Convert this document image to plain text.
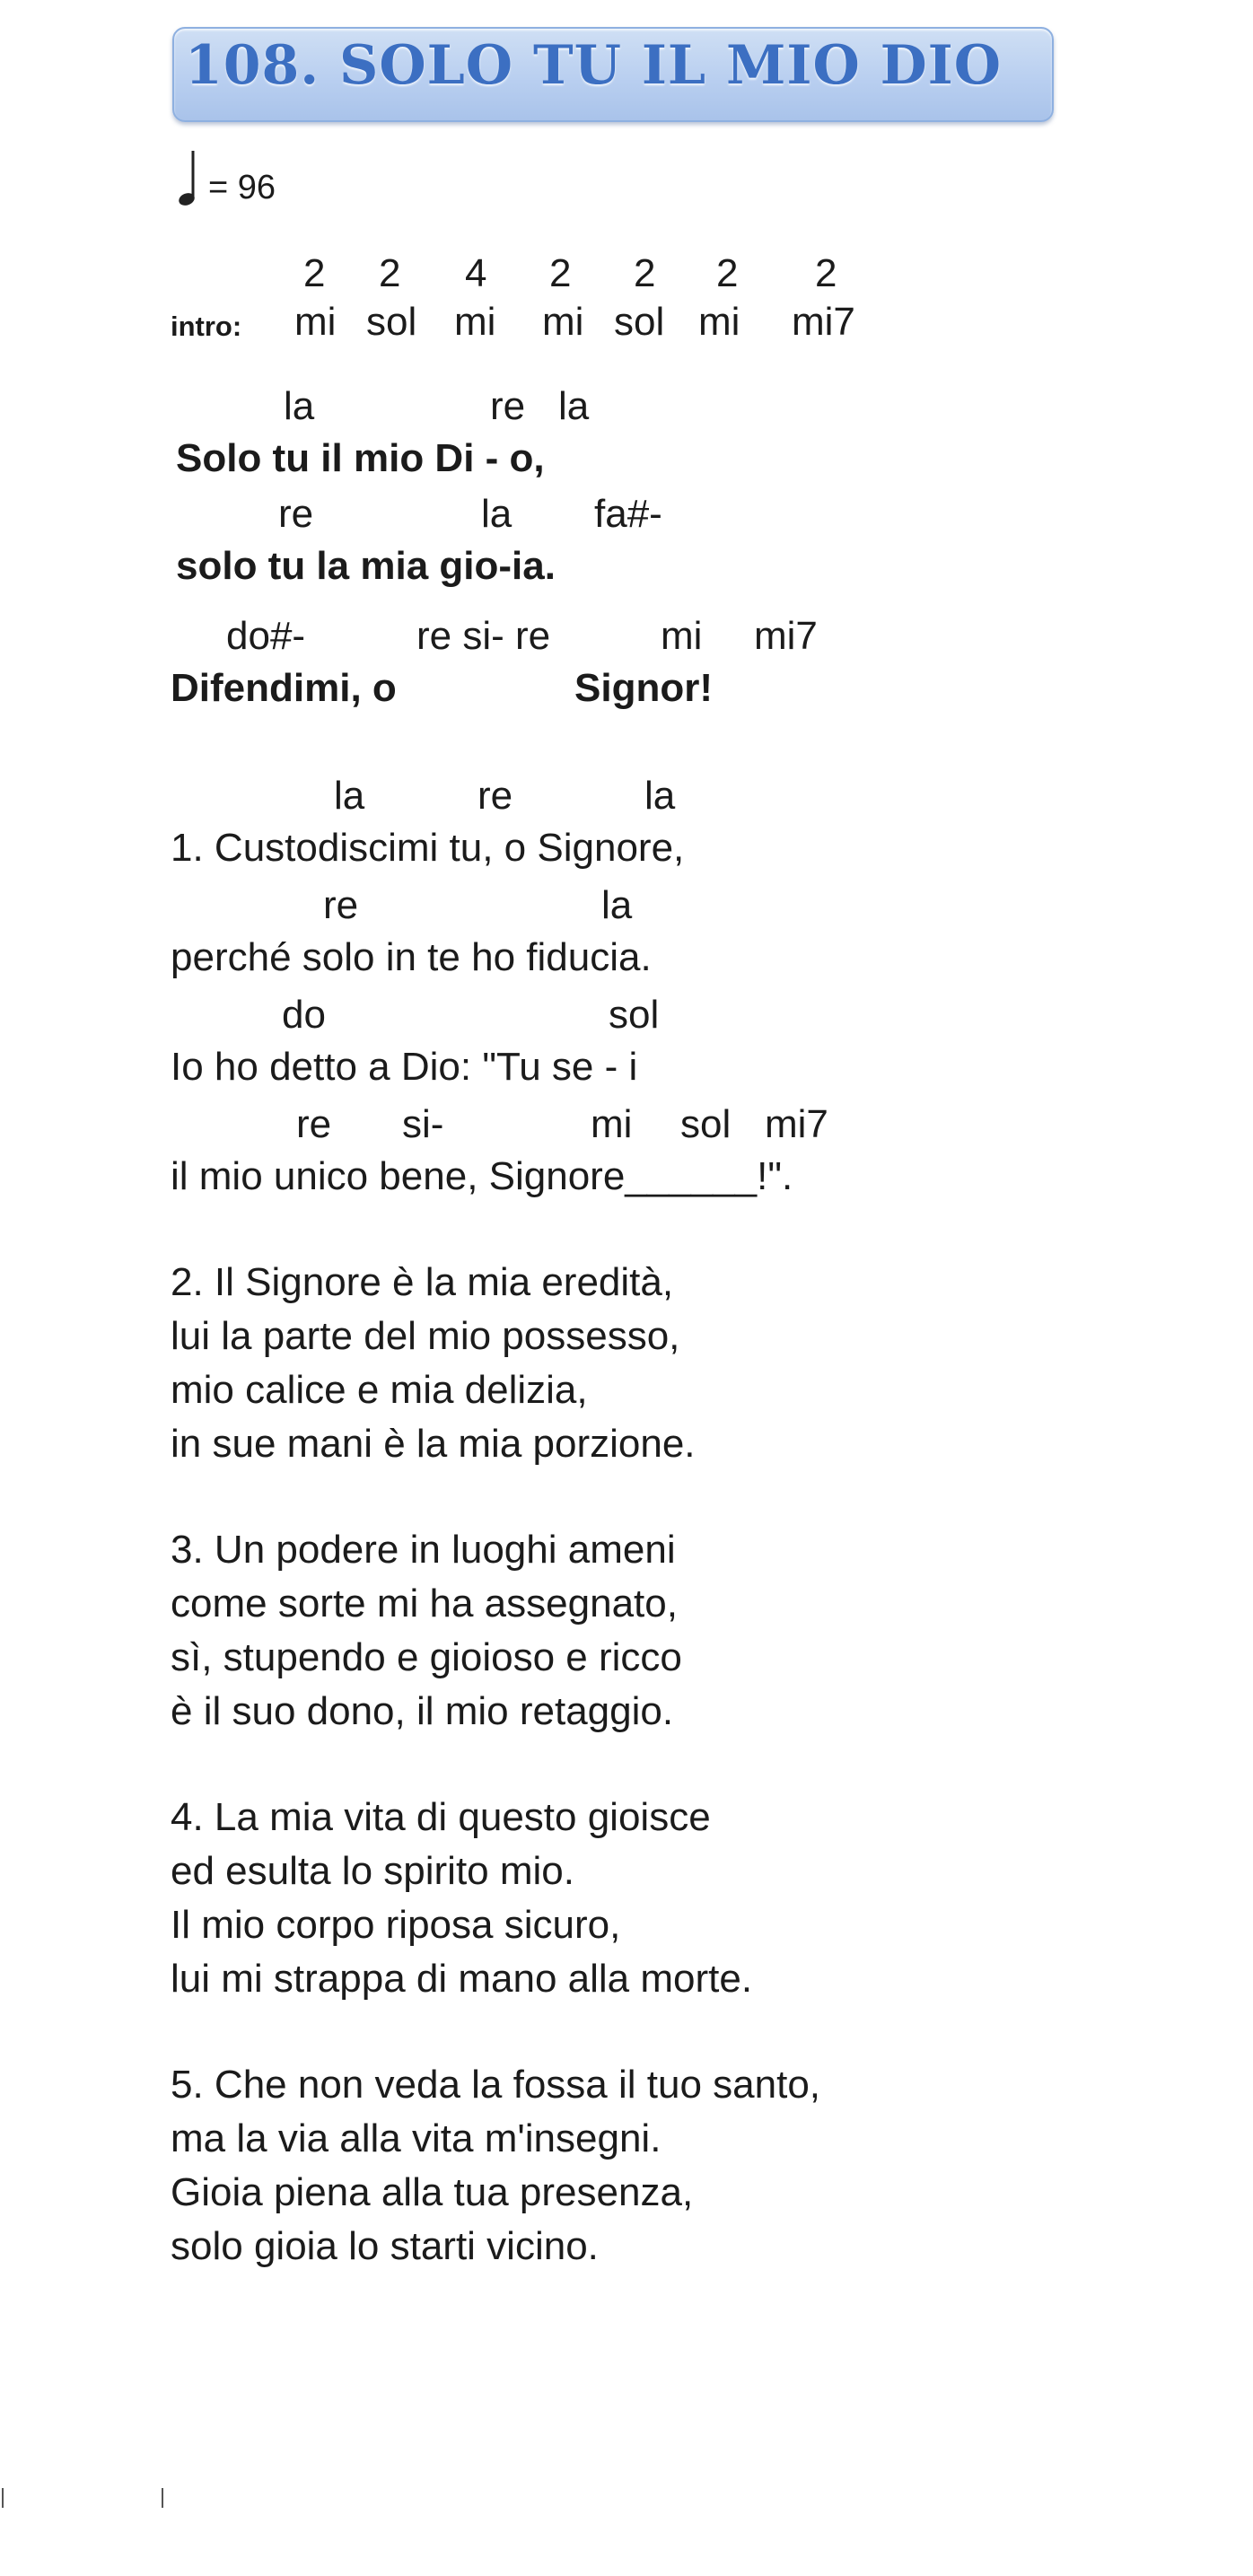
108. SOLO TU IL MIO DIO
= 96
2 2 4 2 2 2 2
intro: mi sol mi mi sol mi mi7
la	re la
Solo tu il mio Di - o,
re	la fa#-
solo tu la mia gio-ia.
do#-	re si- re	mi mi7
Difendimi, o	Signor!
la	re	la
1. Custodiscimi tu, o Signore,
re	la
perché solo in te ho fiducia.
do	sol
Io ho detto a Dio: "Tu se - i
re si-	mi sol mi7
il mio unico bene, Signore______!".
2. Il Signore è la mia eredità,
lui la parte del mio possesso,
mio calice e mia delizia,
in sue mani è la mia porzione.
3. Un podere in luoghi ameni
come sorte mi ha assegnato,
sì, stupendo e gioioso e ricco
è il suo dono, il mio retaggio.
4. La mia vita di questo gioisce
ed esulta lo spirito mio.
Il mio corpo riposa sicuro,
lui mi strappa di mano alla morte.
5. Che non veda la fossa il tuo santo,
ma la via alla vita m'insegni.
Gioia piena alla tua presenza,
solo gioia lo starti vicino.
